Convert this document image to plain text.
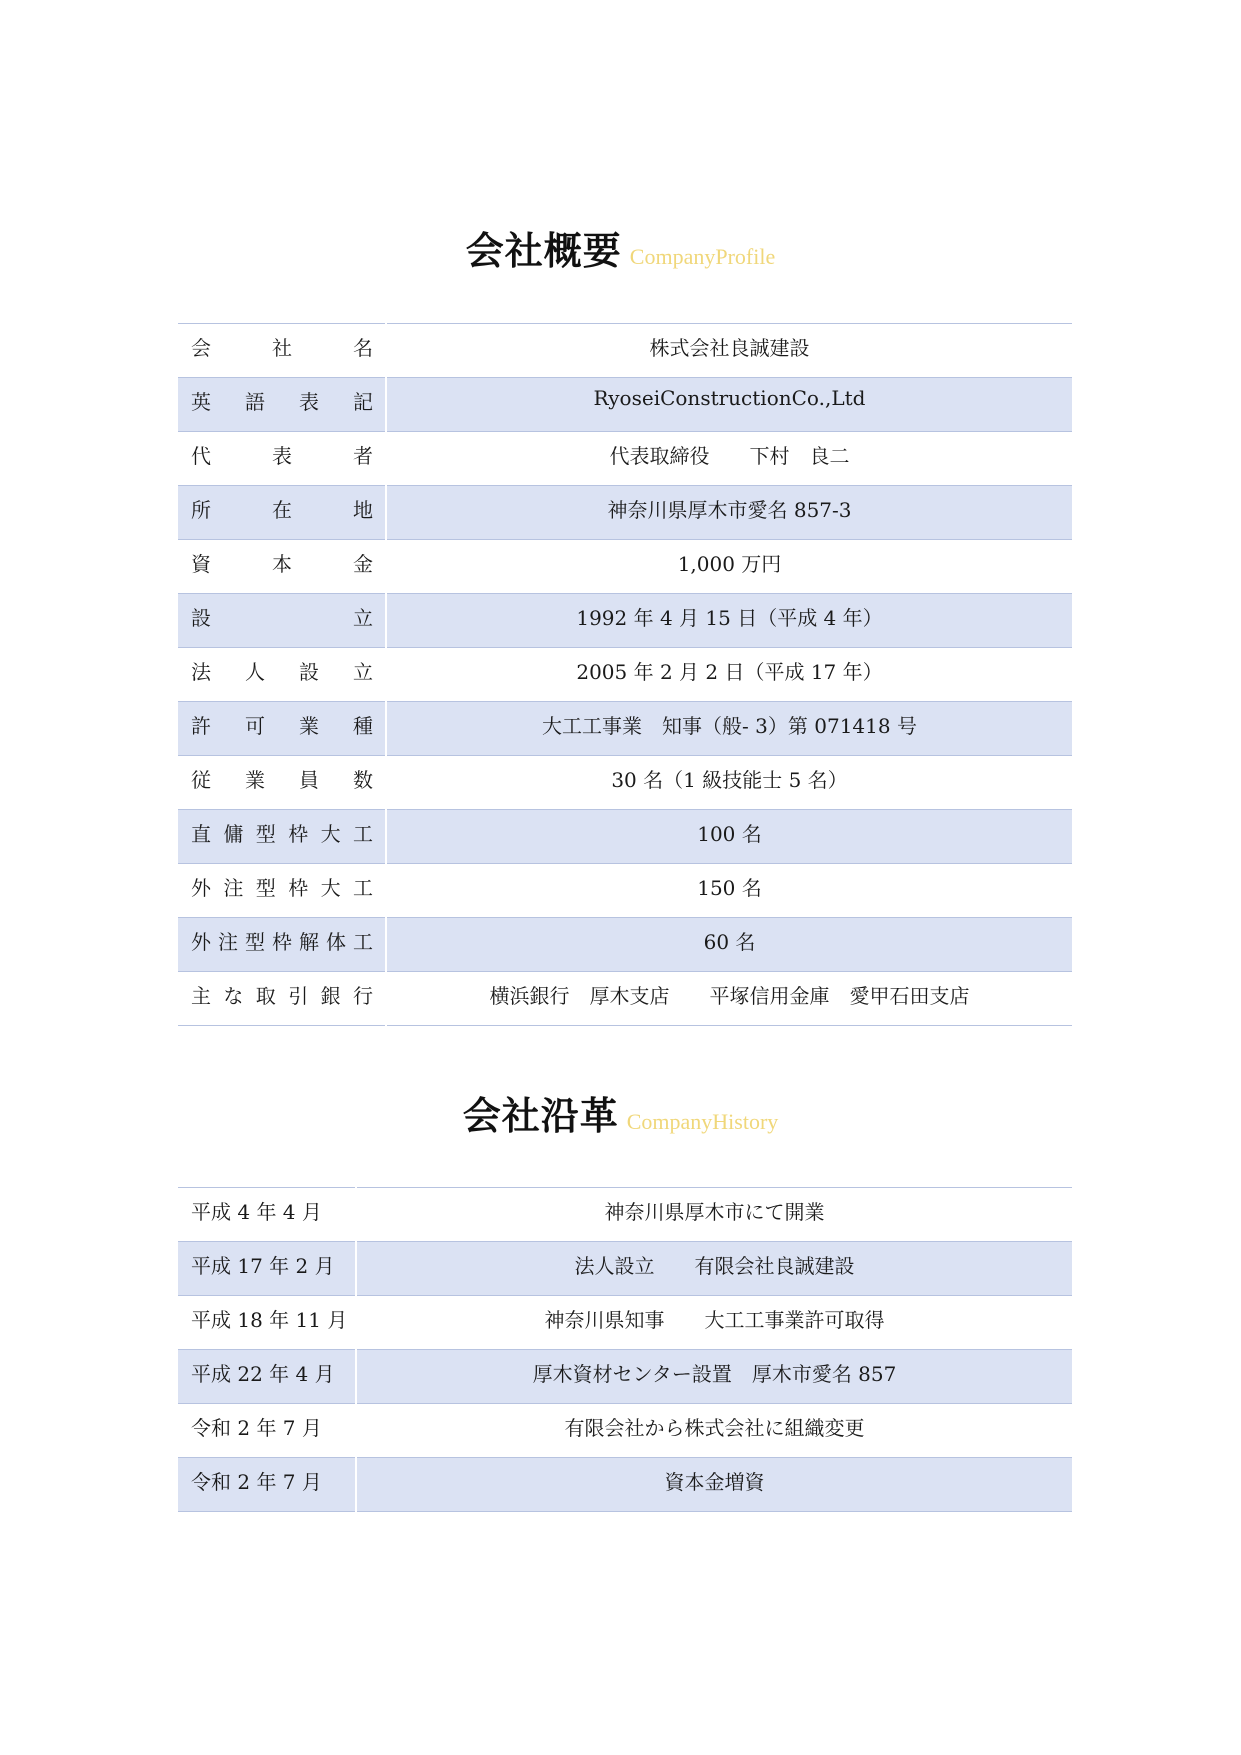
会社概要 CompanyProfile
会　　社　　名	株式会社良誠建設
英　語　表　記	RyoseiConstructionCo.,Ltd
代　　表　　者	代表取締役　　下村　良二
所　　在　　地	神奈川県厚木市愛名 857-3
資　　本　　金	1,000 万円
設　　　　　立	1992 年 4 月 15 日（平成 4 年）
法　人　設　立	2005 年 2 月 2 日（平成 17 年）
許　可　業　種	大工工事業　知事（般- 3）第 071418 号
従　業　員　数	30 名（1 級技能士 5 名）
直 傭 型 枠 大 工	100 名
外 注 型 枠 大 工	150 名
外注型枠解体工	60 名
主 な 取 引 銀 行	横浜銀行　厚木支店　　平塚信用金庫　愛甲石田支店
会社沿革 CompanyHistory
平成 4 年 4 月	神奈川県厚木市にて開業
平成 17 年 2 月	法人設立　　有限会社良誠建設
平成 18 年 11 月	神奈川県知事　　大工工事業許可取得
平成 22 年 4 月	厚木資材センター設置　厚木市愛名 857
令和 2 年 7 月	有限会社から株式会社に組織変更
令和 2 年 7 月	資本金増資
